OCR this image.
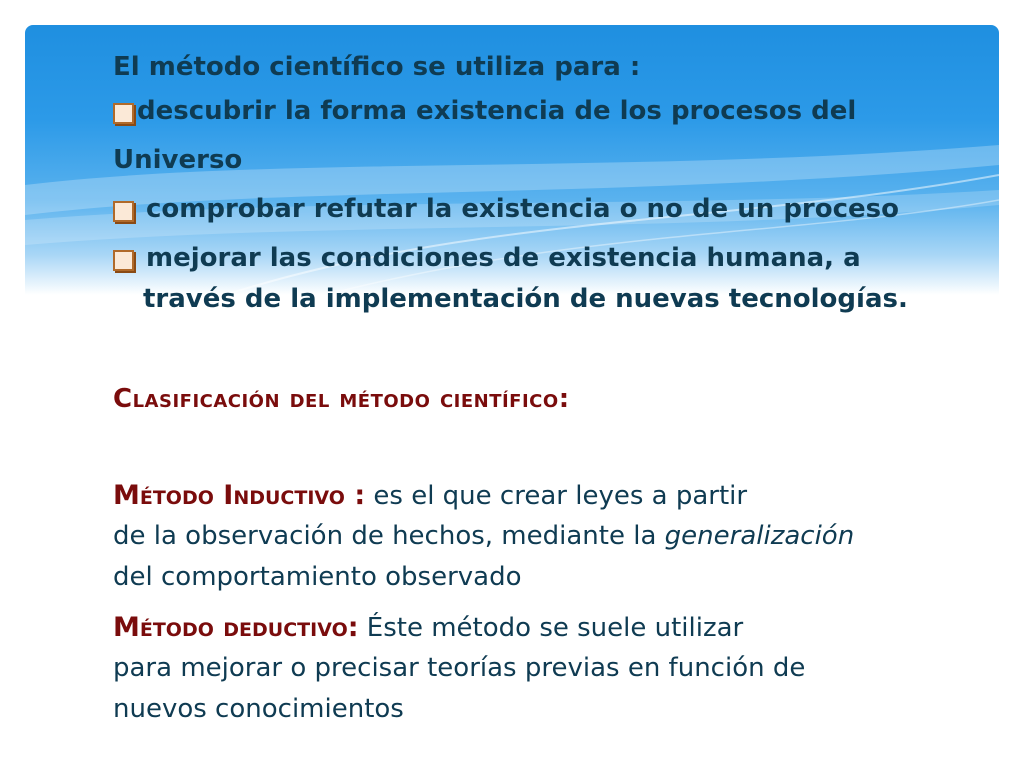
El método científico se utiliza para :
descubrir la forma existencia de los procesos del
Universo
comprobar refutar la existencia o no de un proceso
mejorar las condiciones de existencia humana, a
través de la implementación de nuevas tecnologías.
Clasificación del método científico:
Método Inductivo : es el que crear leyes a partir
de la observación de hechos, mediante la generalización
del comportamiento observado
Método deductivo: Éste método se suele utilizar
para mejorar o precisar teorías previas en función de
nuevos conocimientos
